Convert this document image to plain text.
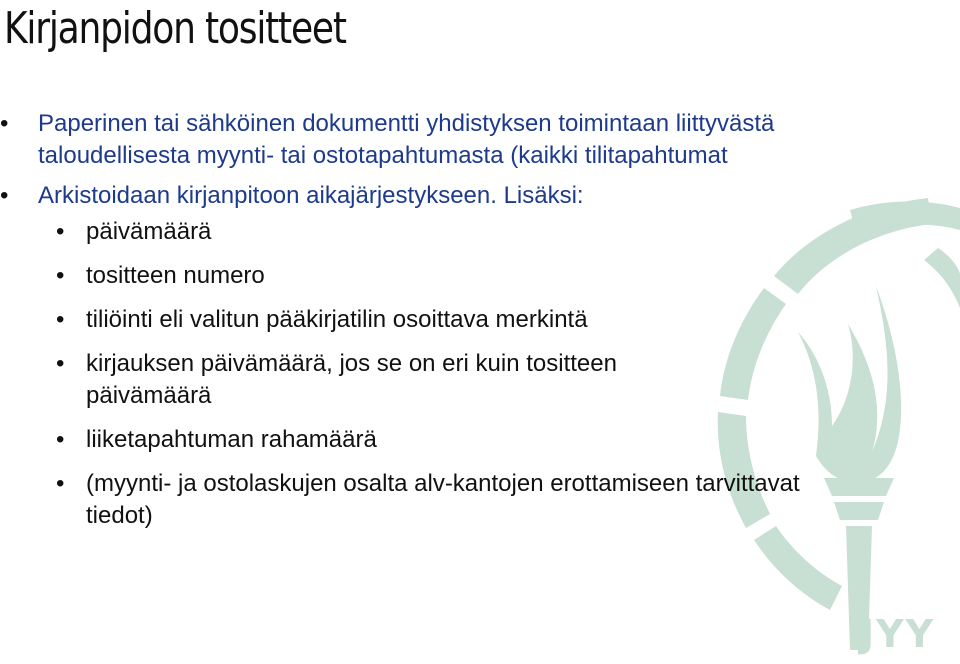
JYY
Kirjanpidon tositteet
• Paperinen tai sähköinen dokumentti yhdistyksen toimintaan liittyvästä taloudellisesta myynti- tai ostotapahtumasta (kaikki tilitapahtumat
• Arkistoidaan kirjanpitoon aikajärjestykseen. Lisäksi:
• päivämäärä
• tositteen numero
• tiliöinti eli valitun pääkirjatilin osoittava merkintä
• kirjauksen päivämäärä, jos se on eri kuin tositteen päivämäärä
• liiketapahtuman rahamäärä
• (myynti- ja ostolaskujen osalta alv-kantojen erottamiseen tarvittavat tiedot)
